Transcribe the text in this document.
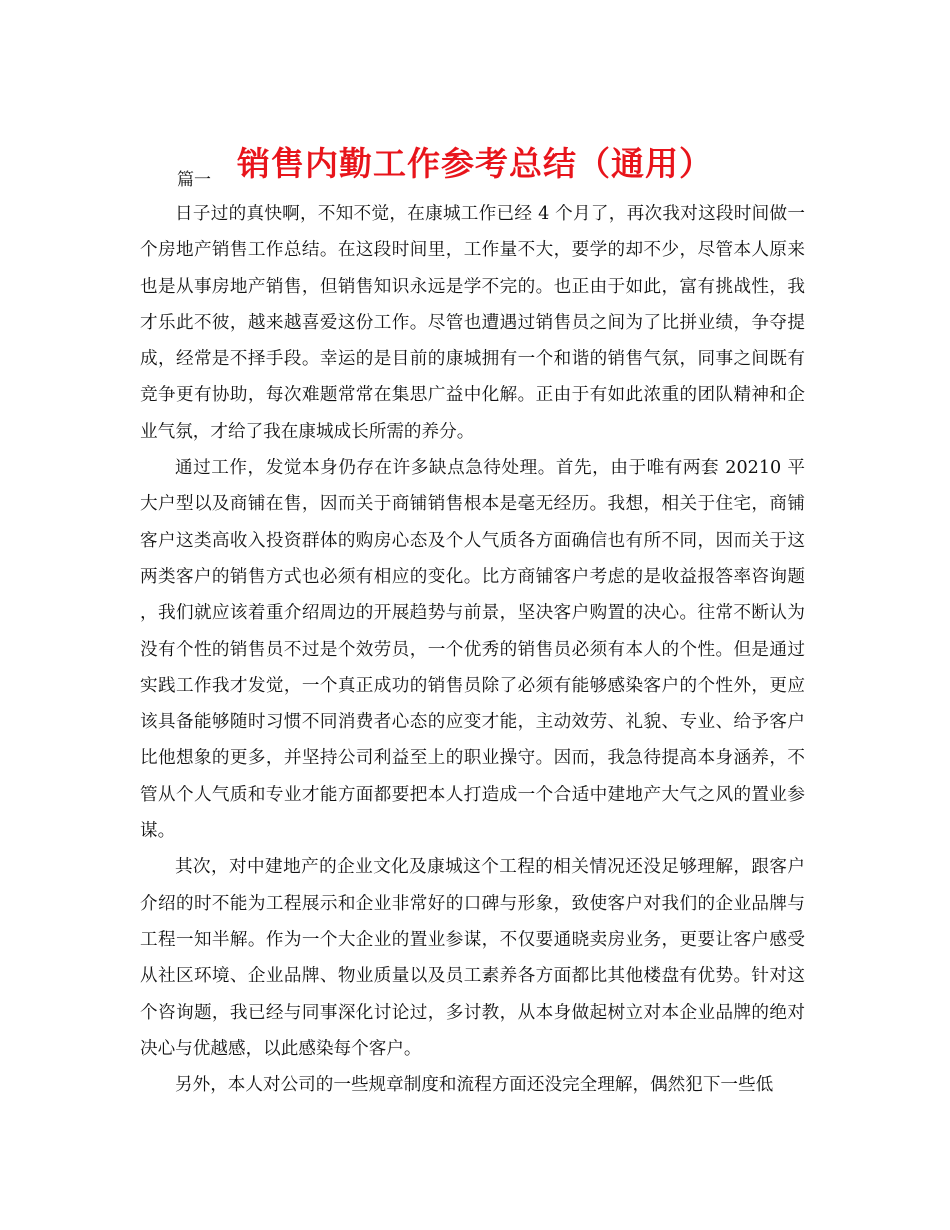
销售内勤工作参考总结（通用）
篇一

日子过的真快啊，不知不觉，在康城工作已经 4 个月了，再次我对这段时间做一个房地产销售工作总结。在这段时间里，工作量不大，要学的却不少，尽管本人原来也是从事房地产销售，但销售知识永远是学不完的。也正由于如此，富有挑战性，我才乐此不彼，越来越喜爱这份工作。尽管也遭遇过销售员之间为了比拼业绩，争夺提成，经常是不择手段。幸运的是目前的康城拥有一个和谐的销售气氛，同事之间既有竞争更有协助，每次难题常常在集思广益中化解。正由于有如此浓重的团队精神和企业气氛，才给了我在康城成长所需的养分。

通过工作，发觉本身仍存在许多缺点急待处理。首先，由于唯有两套 20210 平大户型以及商铺在售，因而关于商铺销售根本是毫无经历。我想，相关于住宅，商铺客户这类高收入投资群体的购房心态及个人气质各方面确信也有所不同，因而关于这两类客户的销售方式也必须有相应的变化。比方商铺客户考虑的是收益报答率咨询题，我们就应该着重介绍周边的开展趋势与前景，坚决客户购置的决心。往常不断认为没有个性的销售员不过是个效劳员，一个优秀的销售员必须有本人的个性。但是通过实践工作我才发觉，一个真正成功的销售员除了必须有能够感染客户的个性外，更应该具备能够随时习惯不同消费者心态的应变才能，主动效劳、礼貌、专业、给予客户比他想象的更多，并坚持公司利益至上的职业操守。因而，我急待提高本身涵养，不管从个人气质和专业才能方面都要把本人打造成一个合适中建地产大气之风的置业参谋。

其次，对中建地产的企业文化及康城这个工程的相关情况还没足够理解，跟客户介绍的时不能为工程展示和企业非常好的口碑与形象，致使客户对我们的企业品牌与工程一知半解。作为一个大企业的置业参谋，不仅要通晓卖房业务，更要让客户感受从社区环境、企业品牌、物业质量以及员工素养各方面都比其他楼盘有优势。针对这个咨询题，我已经与同事深化讨论过，多讨教，从本身做起树立对本企业品牌的绝对决心与优越感，以此感染每个客户。

另外，本人对公司的一些规章制度和流程方面还没完全理解，偶然犯下一些低
